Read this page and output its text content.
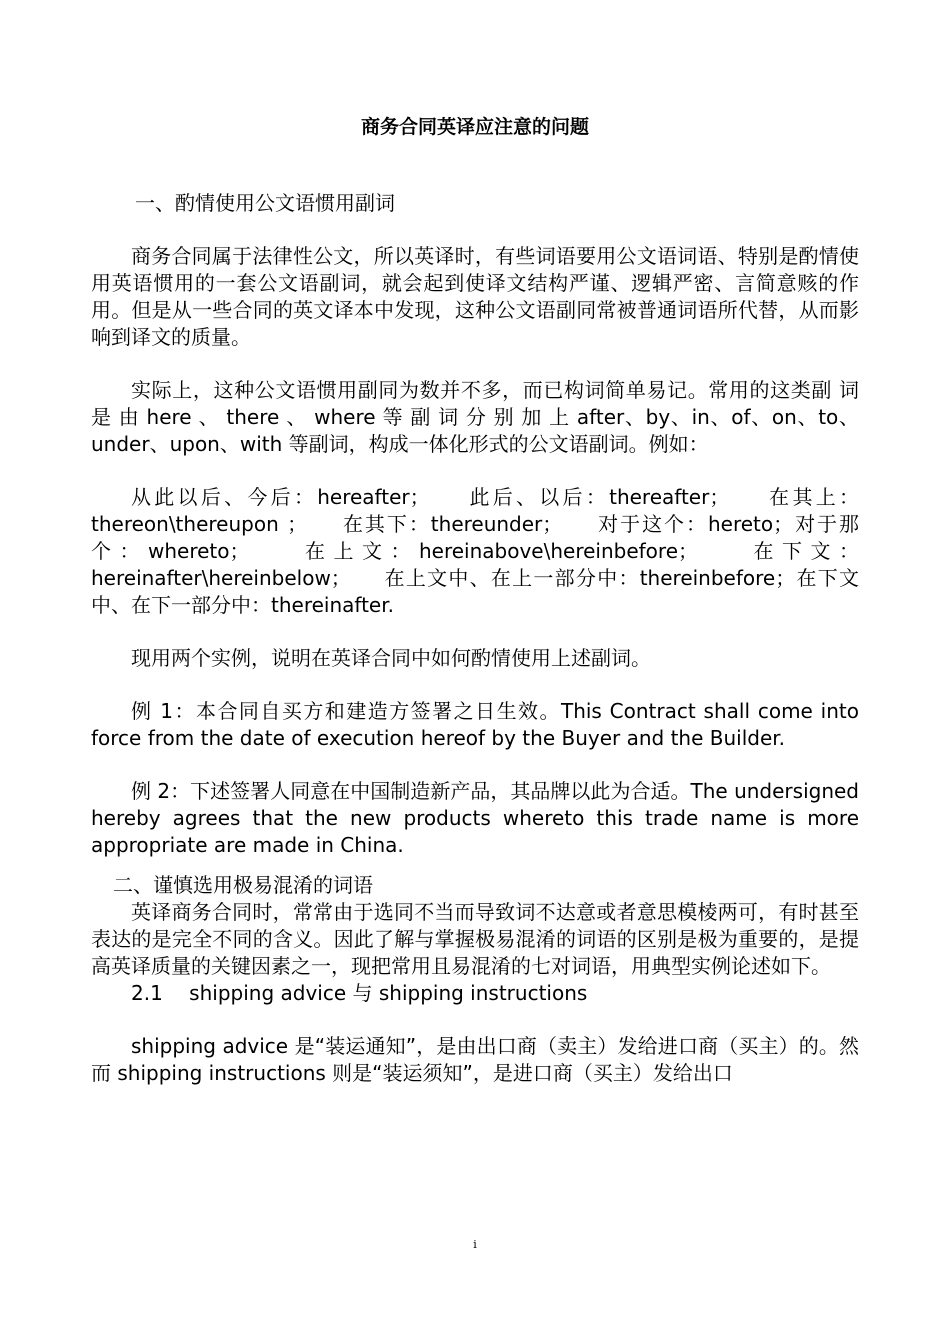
商务合同英译应注意的问题
一、酌情使用公文语惯用副词

商务合同属于法律性公文，所以英译时，有些词语要用公文语词语、特别是酌情使用英语惯用的一套公文语副词，就会起到使译文结构严谨、逻辑严密、言简意赅的作用。但是从一些合同的英文译本中发现，这种公文语副同常被普通词语所代替，从而影响到译文的质量。

实际上，这种公文语惯用副同为数并不多，而已构词简单易记。常用的这类副 词 是 由 here 、 there 、 where 等 副 词 分 别 加 上 after、by、in、of、on、to、under、upon、with 等副词，构成一体化形式的公文语副词。例如：

从此以后、今后：hereafter；　　此后、以后：thereafter；　　在其上：thereon\thereupon ；　　在其下：thereunder；　　对于这个：hereto；对于那个：whereto；　　在上文：hereinabove\hereinbefore；　　在下文：hereinafter\hereinbelow；　　在上文中、在上一部分中：thereinbefore；在下文中、在下一部分中：thereinafter.

现用两个实例，说明在英译合同中如何酌情使用上述副词。

例 1：本合同自买方和建造方签署之日生效。This Contract shall come into force from the date of execution hereof by the Buyer and the Builder.

例 2：下述签署人同意在中国制造新产品，其品牌以此为合适。The undersigned hereby agrees that the new products whereto this trade name is more appropriate are made in China.

二、谨慎选用极易混淆的词语

英译商务合同时，常常由于选同不当而导致词不达意或者意思模棱两可，有时甚至表达的是完全不同的含义。因此了解与掌握极易混淆的词语的区别是极为重要的，是提高英译质量的关键因素之一，现把常用且易混淆的七对词语，用典型实例论述如下。

2.1　 shipping advice 与 shipping instructions

shipping advice 是“装运通知”，是由出口商（卖主）发给进口商（买主）的。然而 shipping instructions 则是“装运须知”，是进口商（买主）发给出口

i
